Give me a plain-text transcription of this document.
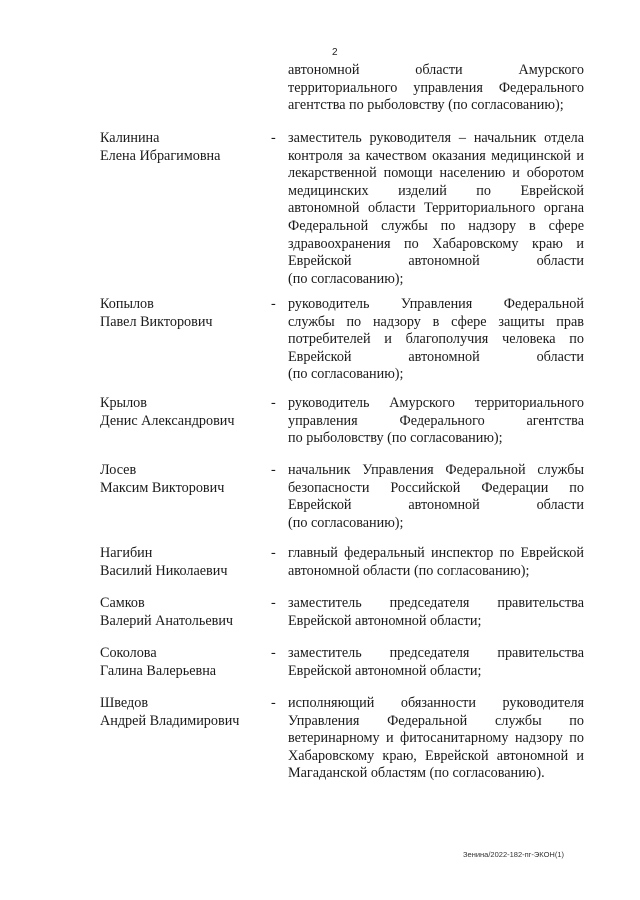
2
автономной области Амурского
территориального управления Федерального
агентства по рыболовству (по согласованию);
Калинина
Елена Ибрагимовна
- заместитель руководителя – начальник отдела
контроля за качеством оказания медицинской и
лекарственной помощи населению и оборотом
медицинских изделий по Еврейской
автономной области Территориального органа
Федеральной службы по надзору в сфере
здравоохранения по Хабаровскому краю и
Еврейской автономной области
(по согласованию);
Копылов
Павел Викторович
- руководитель Управления Федеральной
службы по надзору в сфере защиты прав
потребителей и благополучия человека по
Еврейской автономной области
(по согласованию);
Крылов
Денис Александрович
- руководитель Амурского территориального
управления Федерального агентства
по рыболовству (по согласованию);
Лосев
Максим Викторович
- начальник Управления Федеральной службы
безопасности Российской Федерации по
Еврейской автономной области
(по согласованию);
Нагибин
Василий Николаевич
- главный федеральный инспектор по Еврейской
автономной области (по согласованию);
Самков
Валерий Анатольевич
- заместитель председателя правительства
Еврейской автономной области;
Соколова
Галина Валерьевна
- заместитель председателя правительства
Еврейской автономной области;
Шведов
Андрей Владимирович
- исполняющий обязанности руководителя
Управления Федеральной службы по
ветеринарному и фитосанитарному надзору по
Хабаровскому краю, Еврейской автономной и
Магаданской областям (по согласованию).
Зенина/2022-182-пг-ЭКОН(1)
